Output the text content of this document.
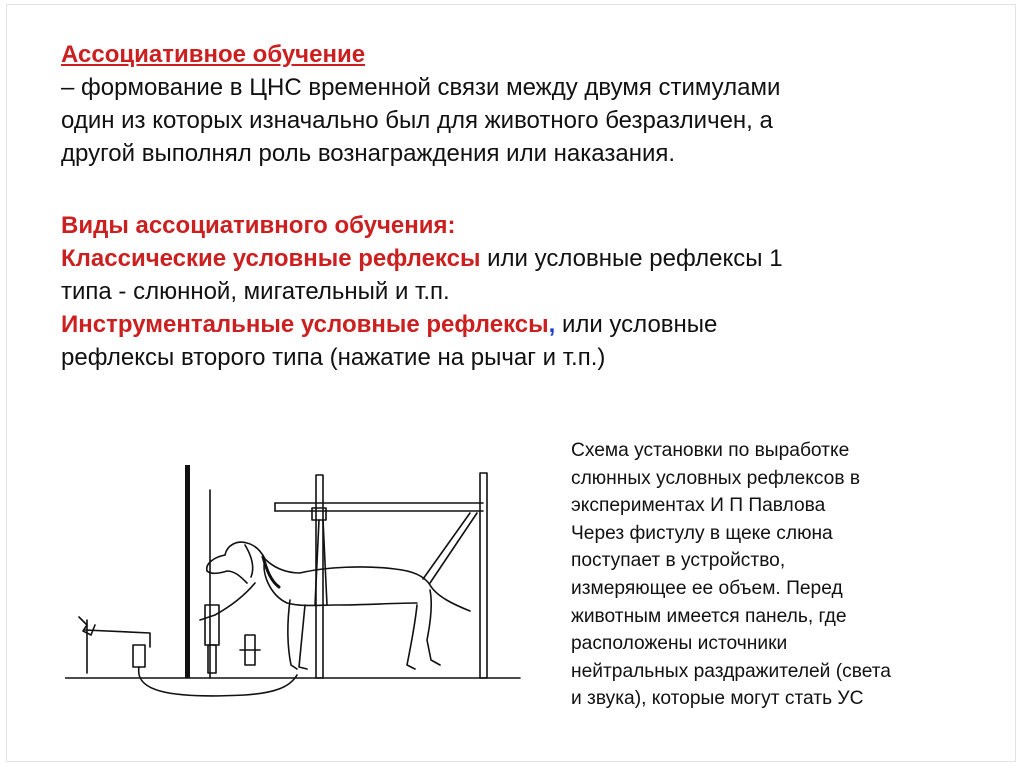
Ассоциативное обучение
– формование в ЦНС временной связи между двумя стимулами
один из которых изначально был для животного безразличен, а
другой выполнял роль вознаграждения или наказания.
Виды ассоциативного обучения:
Классические условные рефлексы или условные рефлексы 1
типа - слюнной, мигательный и т.п.
Инструментальные условные рефлексы, или условные
рефлексы второго типа (нажатие на рычаг и т.п.)
Схема установки по выработке
слюнных условных рефлексов в
экспериментах И П Павлова
Через фистулу в щеке слюна
поступает в устройство,
измеряющее ее объем. Перед
животным имеется панель, где
расположены источники
нейтральных раздражителей (света
и звука), которые могут стать УС
